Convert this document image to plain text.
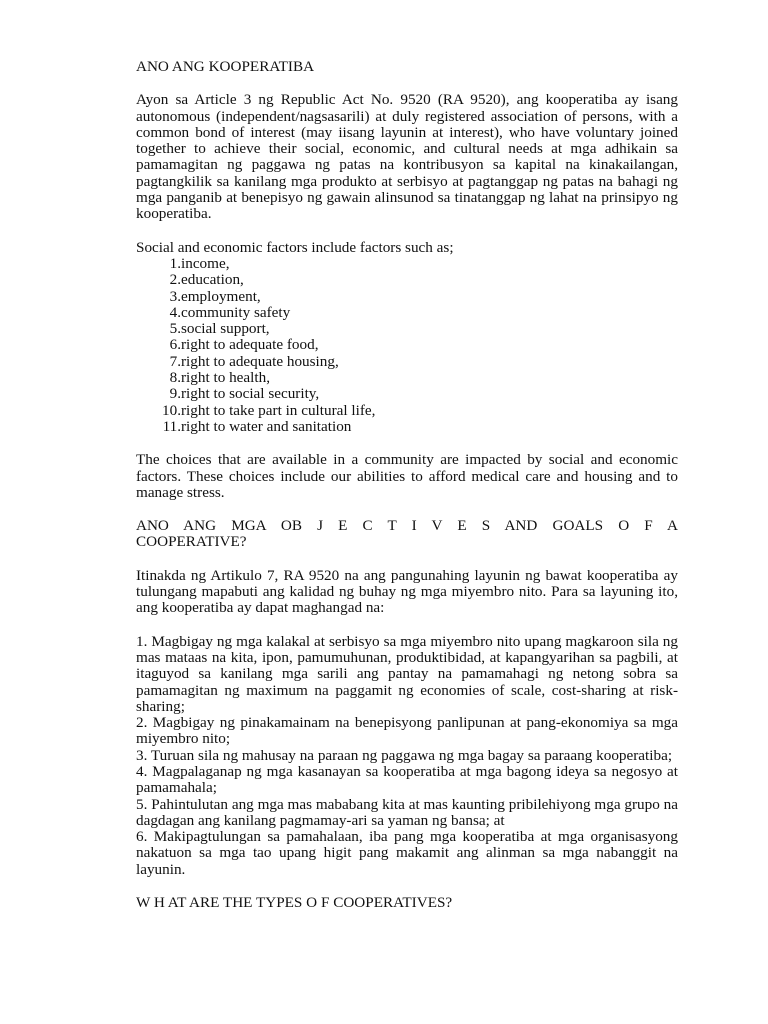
ANO ANG KOOPERATIBA

Ayon sa Article 3 ng Republic Act No. 9520 (RA 9520), ang kooperatiba ay isang autonomous (independent/nagsasarili) at duly registered association of persons, with a common bond of interest (may iisang layunin at interest), who have voluntary joined together to achieve their social, economic, and cultural needs at mga adhikain sa pamamagitan ng paggawa ng patas na kontribusyon sa kapital na kinakailangan, pagtangkilik sa kanilang mga produkto at serbisyo at pagtanggap ng patas na bahagi ng mga panganib at benepisyo ng gawain alinsunod sa tinatanggap ng lahat na prinsipyo ng kooperatiba.

Social and economic factors include factors such as;

1. income,
2. education,
3. employment,
4. community safety
5. social support,
6. right to adequate food,
7. right to adequate housing,
8. right to health,
9. right to social security,
10. right to take part in cultural life,
11. right to water and sanitation

The choices that are available in a community are impacted by social and economic factors. These choices include our abilities to afford medical care and housing and to manage stress.

ANO ANG MGA OB J E C T I V E S AND GOALS O F A

COOPERATIVE?

Itinakda ng Artikulo 7, RA 9520 na ang pangunahing layunin ng bawat kooperatiba ay tulungang mapabuti ang kalidad ng buhay ng mga miyembro nito. Para sa layuning ito, ang kooperatiba ay dapat maghangad na:

1. Magbigay ng mga kalakal at serbisyo sa mga miyembro nito upang magkaroon sila ng mas mataas na kita, ipon, pamumuhunan, produktibidad, at kapangyarihan sa pagbili, at itaguyod sa kanilang mga sarili ang pantay na pamamahagi ng netong sobra sa pamamagitan ng maximum na paggamit ng economies of scale, cost-sharing at risk-sharing;

2. Magbigay ng pinakamainam na benepisyong panlipunan at pang-ekonomiya sa mga miyembro nito;

3. Turuan sila ng mahusay na paraan ng paggawa ng mga bagay sa paraang kooperatiba;

4. Magpalaganap ng mga kasanayan sa kooperatiba at mga bagong ideya sa negosyo at pamamahala;

5. Pahintulutan ang mga mas mababang kita at mas kaunting pribilehiyong mga grupo na dagdagan ang kanilang pagmamay-ari sa yaman ng bansa; at

6. Makipagtulungan sa pamahalaan, iba pang mga kooperatiba at mga organisasyong nakatuon sa mga tao upang higit pang makamit ang alinman sa mga nabanggit na layunin.

W H AT ARE THE TYPES O F COOPERATIVES?
